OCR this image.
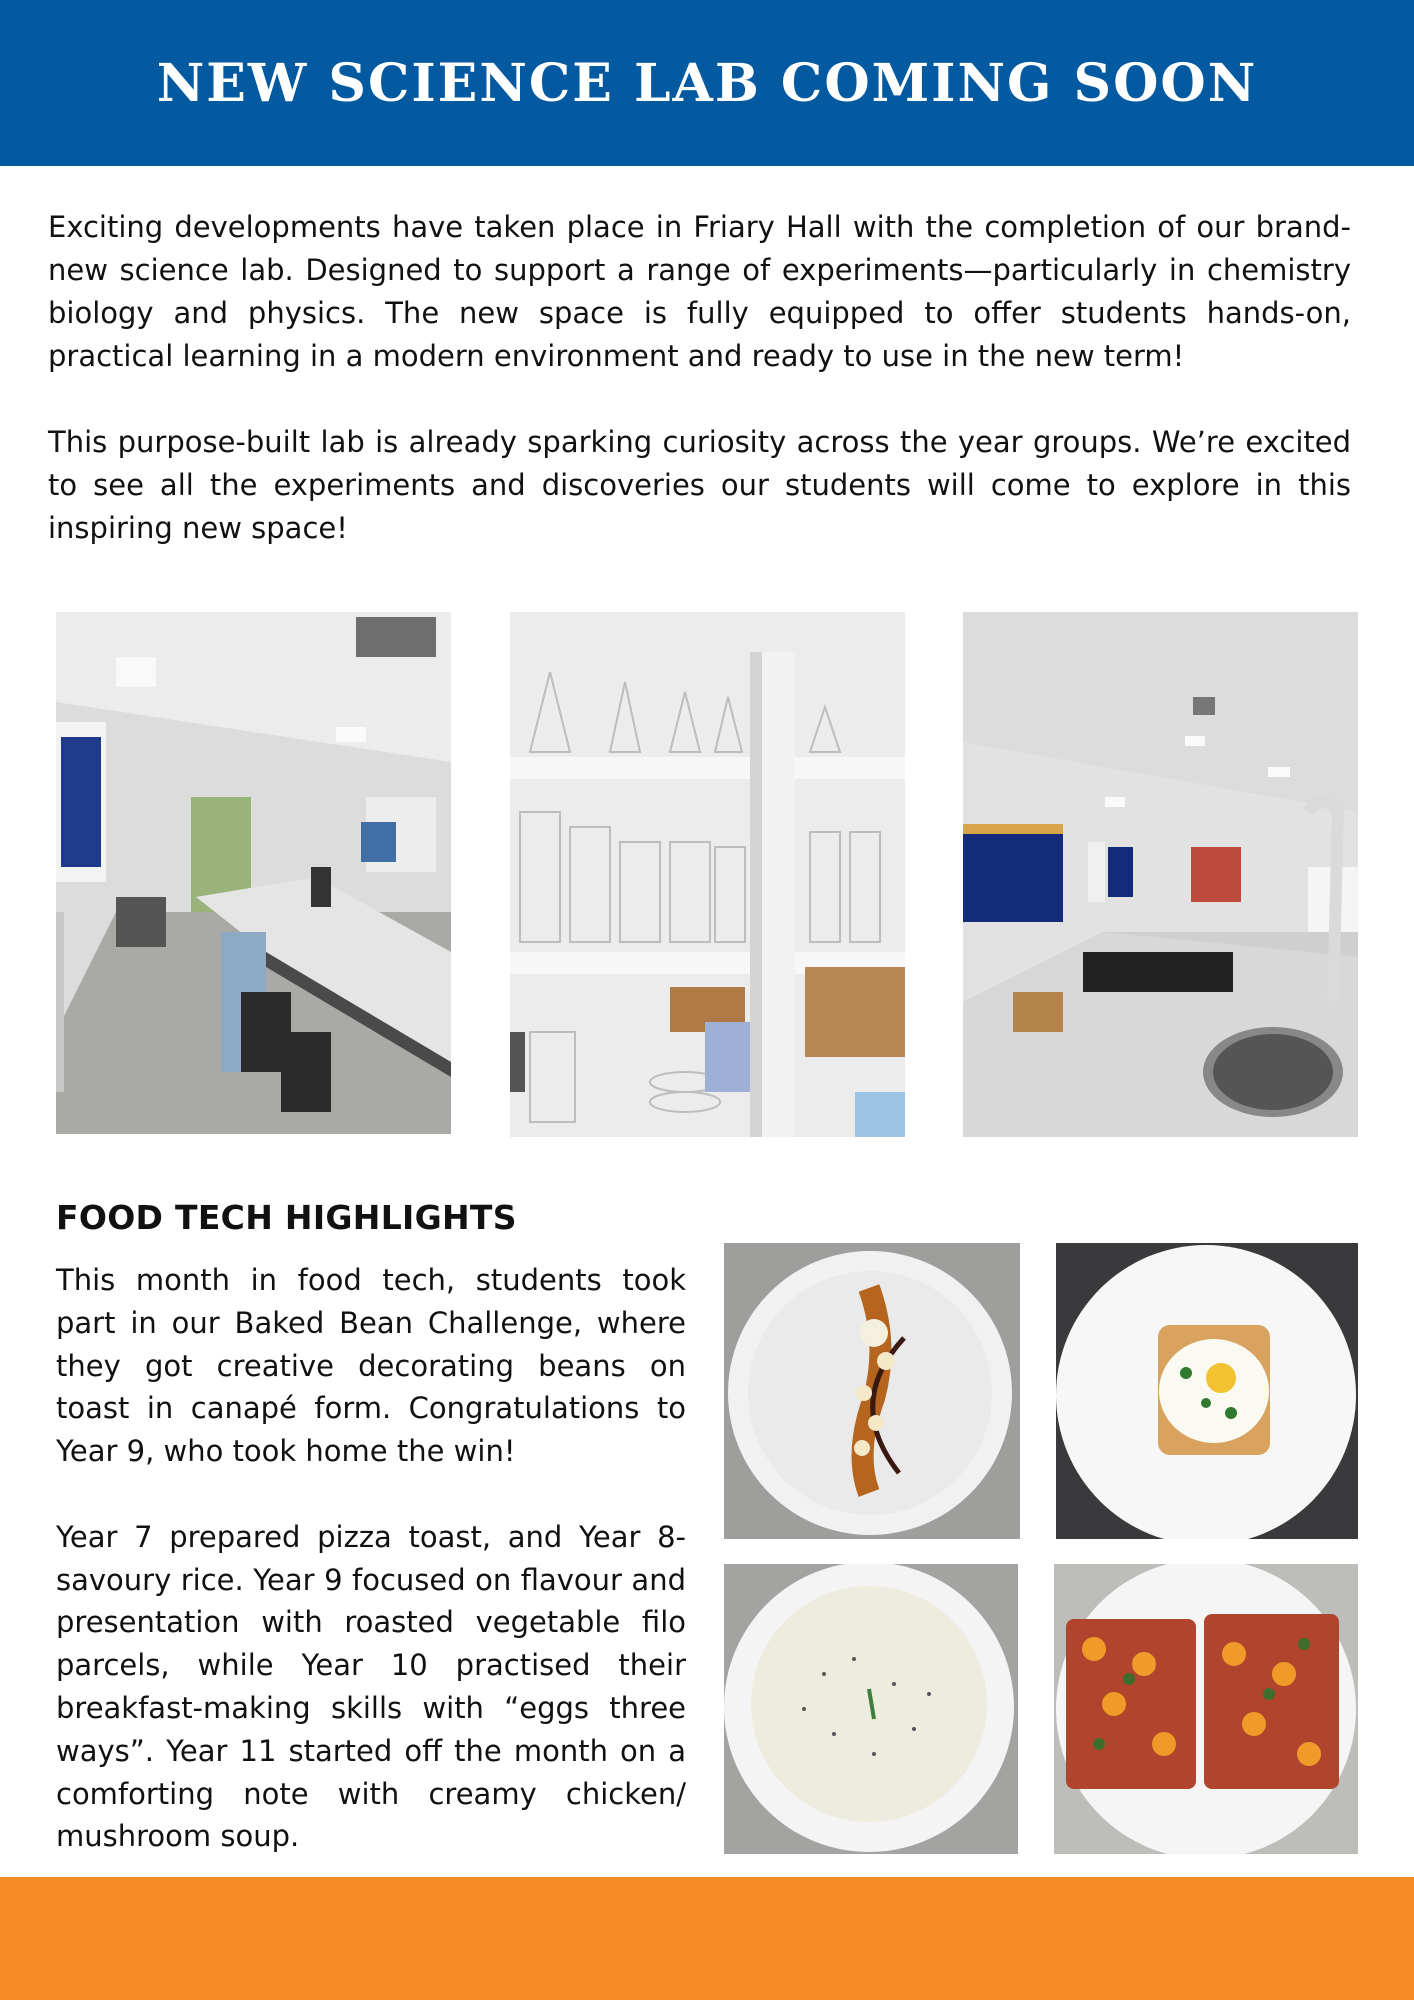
NEW SCIENCE LAB COMING SOON

Exciting developments have taken place in Friary Hall with the completion of our brand-new science lab. Designed to support a range of experiments—particularly in chemistry biology and physics. The new space is fully equipped to offer students hands-on, practical learning in a modern environment and ready to use in the new term!

This purpose-built lab is already sparking curiosity across the year groups. We’re excited to see all the experiments and discoveries our students will come to explore in this inspiring new space!

FOOD TECH HIGHLIGHTS

This month in food tech, students took part in our Baked Bean Challenge, where they got creative decorating beans on toast in canapé form. Congratulations to Year 9, who took home the win!

Year 7 prepared pizza toast, and Year 8- savoury rice. Year 9 focused on flavour and presentation with roasted vegetable filo parcels, while Year 10 practised their breakfast-making skills with “eggs three ways”. Year 11 started off the month on a comforting note with creamy chicken/ mushroom soup.
